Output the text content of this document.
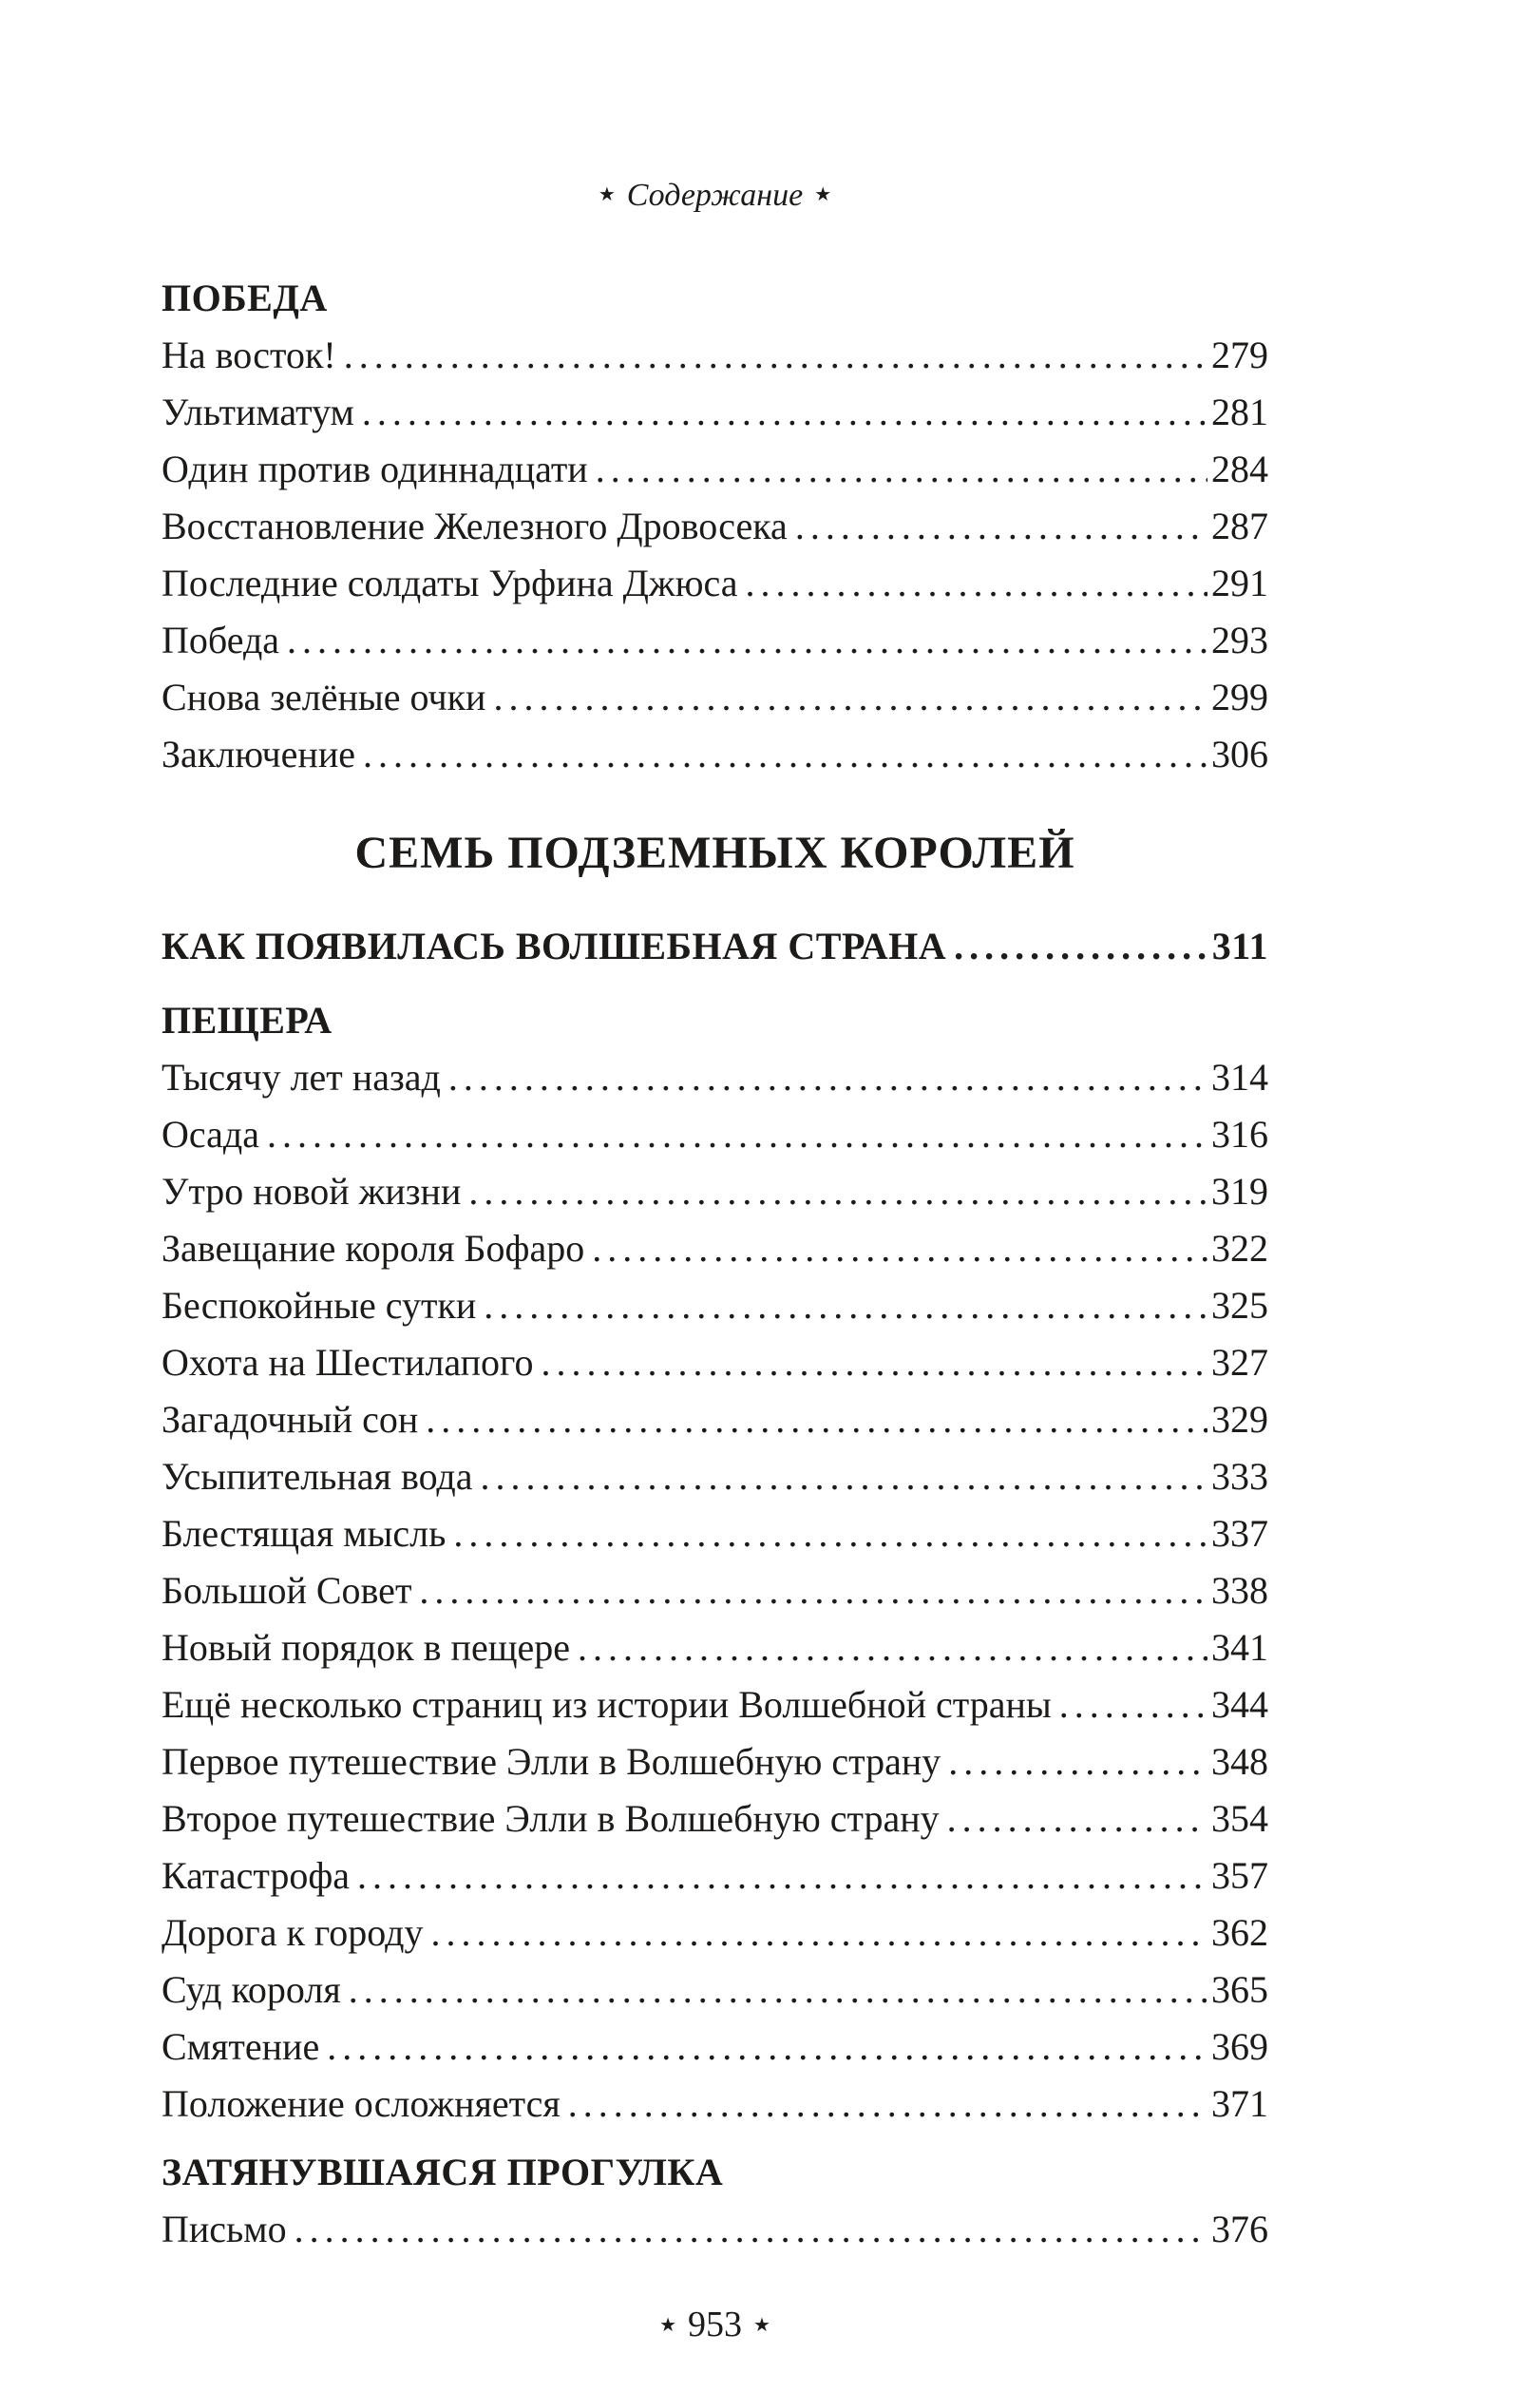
★ Содержание ★
ПОБЕДА
На восток! . . .	279
Ультиматум . . .	281
Один против одиннадцати . . .	284
Восстановление Железного Дровосека . . .	287
Последние солдаты Урфина Джюса . . .	291
Победа . . .	293
Снова зелёные очки . . .	299
Заключение . . .	306
СЕМЬ ПОДЗЕМНЫХ КОРОЛЕЙ
КАК ПОЯВИЛАСЬ ВОЛШЕБНАЯ СТРАНА . . .	311
ПЕЩЕРА
Тысячу лет назад . . .	314
Осада . . .	316
Утро новой жизни . . .	319
Завещание короля Бофаро . . .	322
Беспокойные сутки . . .	325
Охота на Шестилапого . . .	327
Загадочный сон . . .	329
Усыпительная вода . . .	333
Блестящая мысль . . .	337
Большой Совет . . .	338
Новый порядок в пещере . . .	341
Ещё несколько страниц из истории Волшебной страны . . .	344
Первое путешествие Элли в Волшебную страну . . .	348
Второе путешествие Элли в Волшебную страну . . .	354
Катастрофа . . .	357
Дорога к городу . . .	362
Суд короля . . .	365
Смятение . . .	369
Положение осложняется . . .	371
ЗАТЯНУВШАЯСЯ ПРОГУЛКА
Письмо . . .	376
★ 953 ★
